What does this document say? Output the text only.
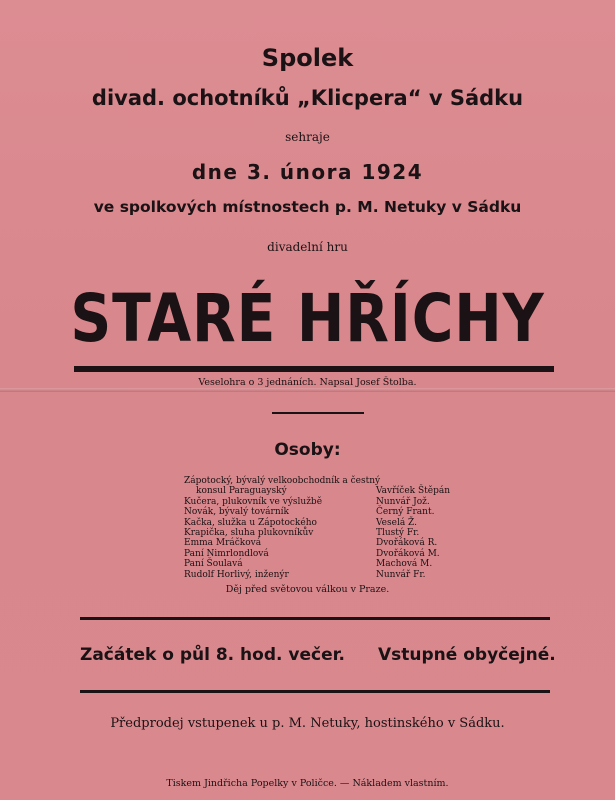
Spolek
divad. ochotníků „Klicpera“ v Sádku
sehraje
dne 3. února 1924
ve spolkových místnostech p. M. Netuky v Sádku
divadelní hru
STARÉ HŘÍCHY
Veselohra o 3 jednáních. Napsal Josef Štolba.
Osoby:
Zápotocký, bývalý velkoobchodník a čestný
konsul Paraguayský	Vavříček Štěpán
Kučera, plukovník ve výslužbě	Nunvář Jož.
Novák, bývalý továrník	Černý Frant.
Kačka, služka u Zápotockého	Veselá Ž.
Krapička, sluha plukovníkův	Tlustý Fr.
Emma Mráčková	Dvořáková R.
Paní Nimrlondlová	Dvořáková M.
Paní Šoulavá	Machová M.
Rudolf Horlivý, inženýr	Nunvář Fr.
Děj před světovou válkou v Praze.
Začátek o půl 8. hod. večer. Vstupné obyčejné.
Předprodej vstupenek u p. M. Netuky, hostinského v Sádku.
Tiskem Jindřicha Popelky v Poličce. — Nákladem vlastním.
